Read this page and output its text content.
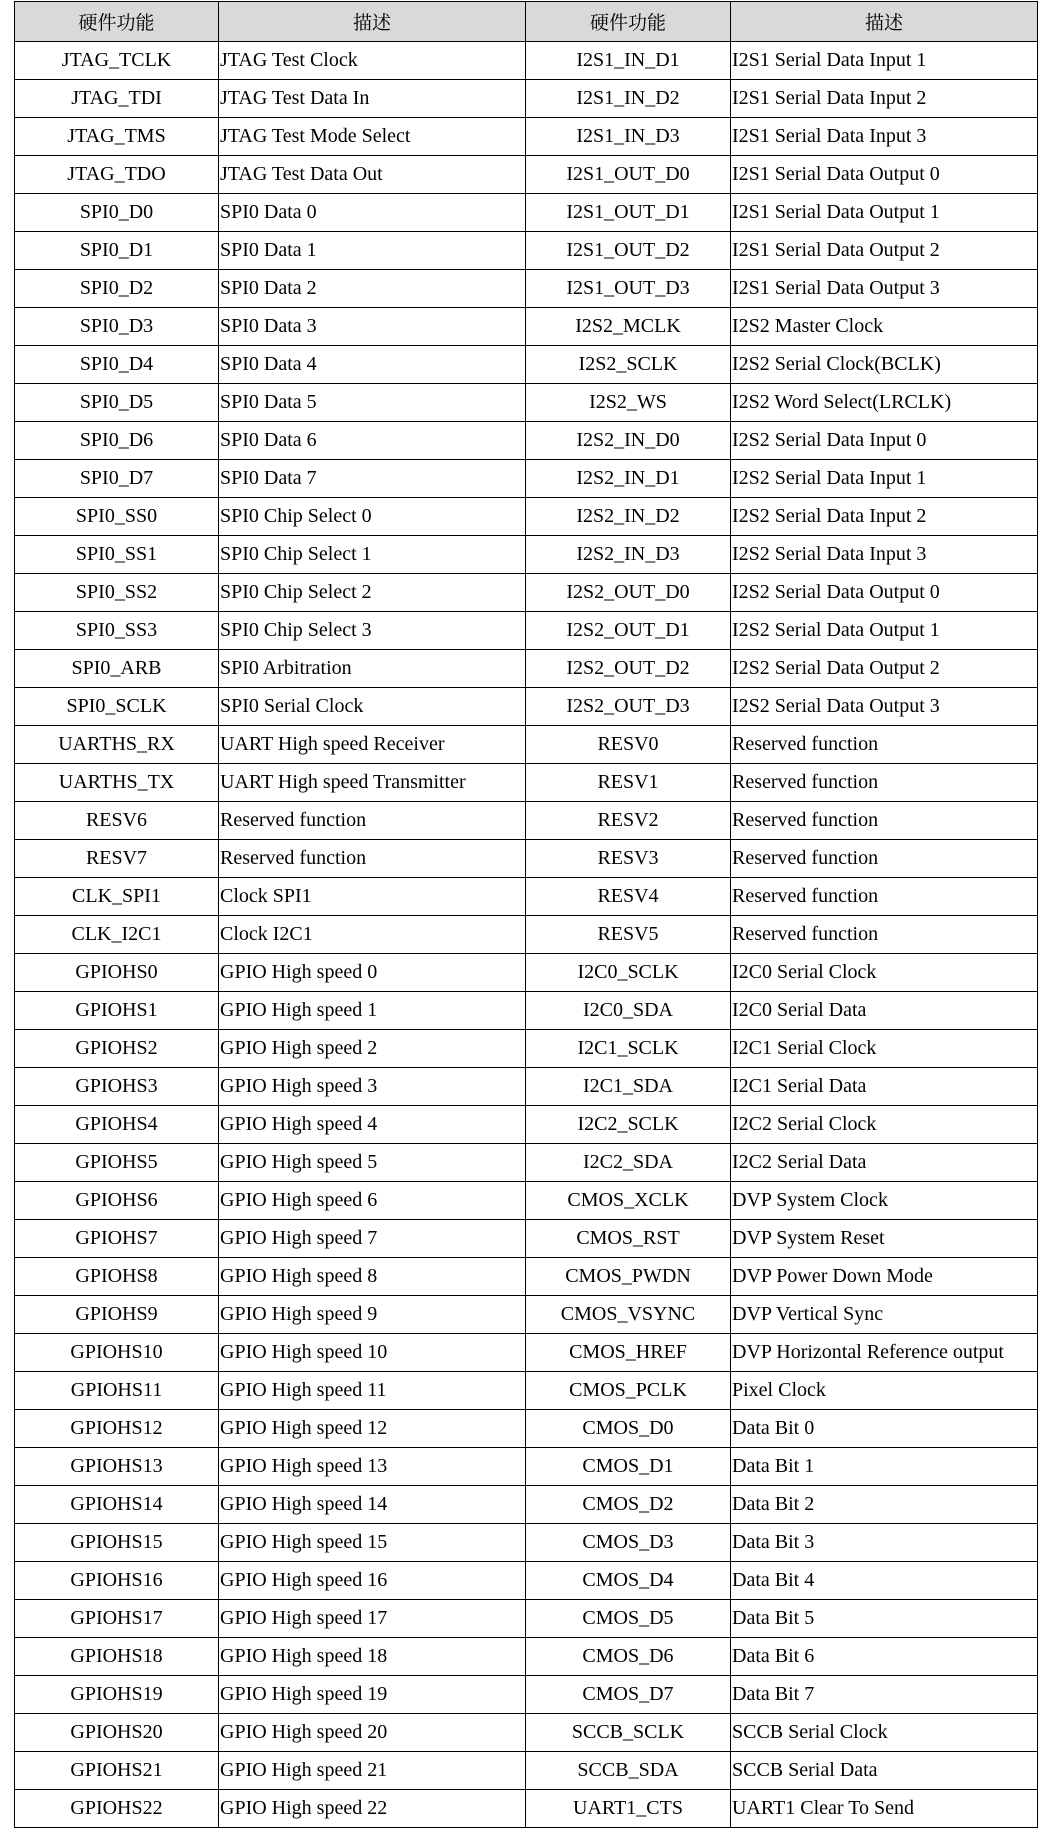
硬件功能	描述	硬件功能	描述
JTAG_TCLK	JTAG Test Clock	I2S1_IN_D1	I2S1 Serial Data Input 1
JTAG_TDI	JTAG Test Data In	I2S1_IN_D2	I2S1 Serial Data Input 2
JTAG_TMS	JTAG Test Mode Select	I2S1_IN_D3	I2S1 Serial Data Input 3
JTAG_TDO	JTAG Test Data Out	I2S1_OUT_D0	I2S1 Serial Data Output 0
SPI0_D0	SPI0 Data 0	I2S1_OUT_D1	I2S1 Serial Data Output 1
SPI0_D1	SPI0 Data 1	I2S1_OUT_D2	I2S1 Serial Data Output 2
SPI0_D2	SPI0 Data 2	I2S1_OUT_D3	I2S1 Serial Data Output 3
SPI0_D3	SPI0 Data 3	I2S2_MCLK	I2S2 Master Clock
SPI0_D4	SPI0 Data 4	I2S2_SCLK	I2S2 Serial Clock(BCLK)
SPI0_D5	SPI0 Data 5	I2S2_WS	I2S2 Word Select(LRCLK)
SPI0_D6	SPI0 Data 6	I2S2_IN_D0	I2S2 Serial Data Input 0
SPI0_D7	SPI0 Data 7	I2S2_IN_D1	I2S2 Serial Data Input 1
SPI0_SS0	SPI0 Chip Select 0	I2S2_IN_D2	I2S2 Serial Data Input 2
SPI0_SS1	SPI0 Chip Select 1	I2S2_IN_D3	I2S2 Serial Data Input 3
SPI0_SS2	SPI0 Chip Select 2	I2S2_OUT_D0	I2S2 Serial Data Output 0
SPI0_SS3	SPI0 Chip Select 3	I2S2_OUT_D1	I2S2 Serial Data Output 1
SPI0_ARB	SPI0 Arbitration	I2S2_OUT_D2	I2S2 Serial Data Output 2
SPI0_SCLK	SPI0 Serial Clock	I2S2_OUT_D3	I2S2 Serial Data Output 3
UARTHS_RX	UART High speed Receiver	RESV0	Reserved function
UARTHS_TX	UART High speed Transmitter	RESV1	Reserved function
RESV6	Reserved function	RESV2	Reserved function
RESV7	Reserved function	RESV3	Reserved function
CLK_SPI1	Clock SPI1	RESV4	Reserved function
CLK_I2C1	Clock I2C1	RESV5	Reserved function
GPIOHS0	GPIO High speed 0	I2C0_SCLK	I2C0 Serial Clock
GPIOHS1	GPIO High speed 1	I2C0_SDA	I2C0 Serial Data
GPIOHS2	GPIO High speed 2	I2C1_SCLK	I2C1 Serial Clock
GPIOHS3	GPIO High speed 3	I2C1_SDA	I2C1 Serial Data
GPIOHS4	GPIO High speed 4	I2C2_SCLK	I2C2 Serial Clock
GPIOHS5	GPIO High speed 5	I2C2_SDA	I2C2 Serial Data
GPIOHS6	GPIO High speed 6	CMOS_XCLK	DVP System Clock
GPIOHS7	GPIO High speed 7	CMOS_RST	DVP System Reset
GPIOHS8	GPIO High speed 8	CMOS_PWDN	DVP Power Down Mode
GPIOHS9	GPIO High speed 9	CMOS_VSYNC	DVP Vertical Sync
GPIOHS10	GPIO High speed 10	CMOS_HREF	DVP Horizontal Reference output
GPIOHS11	GPIO High speed 11	CMOS_PCLK	Pixel Clock
GPIOHS12	GPIO High speed 12	CMOS_D0	Data Bit 0
GPIOHS13	GPIO High speed 13	CMOS_D1	Data Bit 1
GPIOHS14	GPIO High speed 14	CMOS_D2	Data Bit 2
GPIOHS15	GPIO High speed 15	CMOS_D3	Data Bit 3
GPIOHS16	GPIO High speed 16	CMOS_D4	Data Bit 4
GPIOHS17	GPIO High speed 17	CMOS_D5	Data Bit 5
GPIOHS18	GPIO High speed 18	CMOS_D6	Data Bit 6
GPIOHS19	GPIO High speed 19	CMOS_D7	Data Bit 7
GPIOHS20	GPIO High speed 20	SCCB_SCLK	SCCB Serial Clock
GPIOHS21	GPIO High speed 21	SCCB_SDA	SCCB Serial Data
GPIOHS22	GPIO High speed 22	UART1_CTS	UART1 Clear To Send
